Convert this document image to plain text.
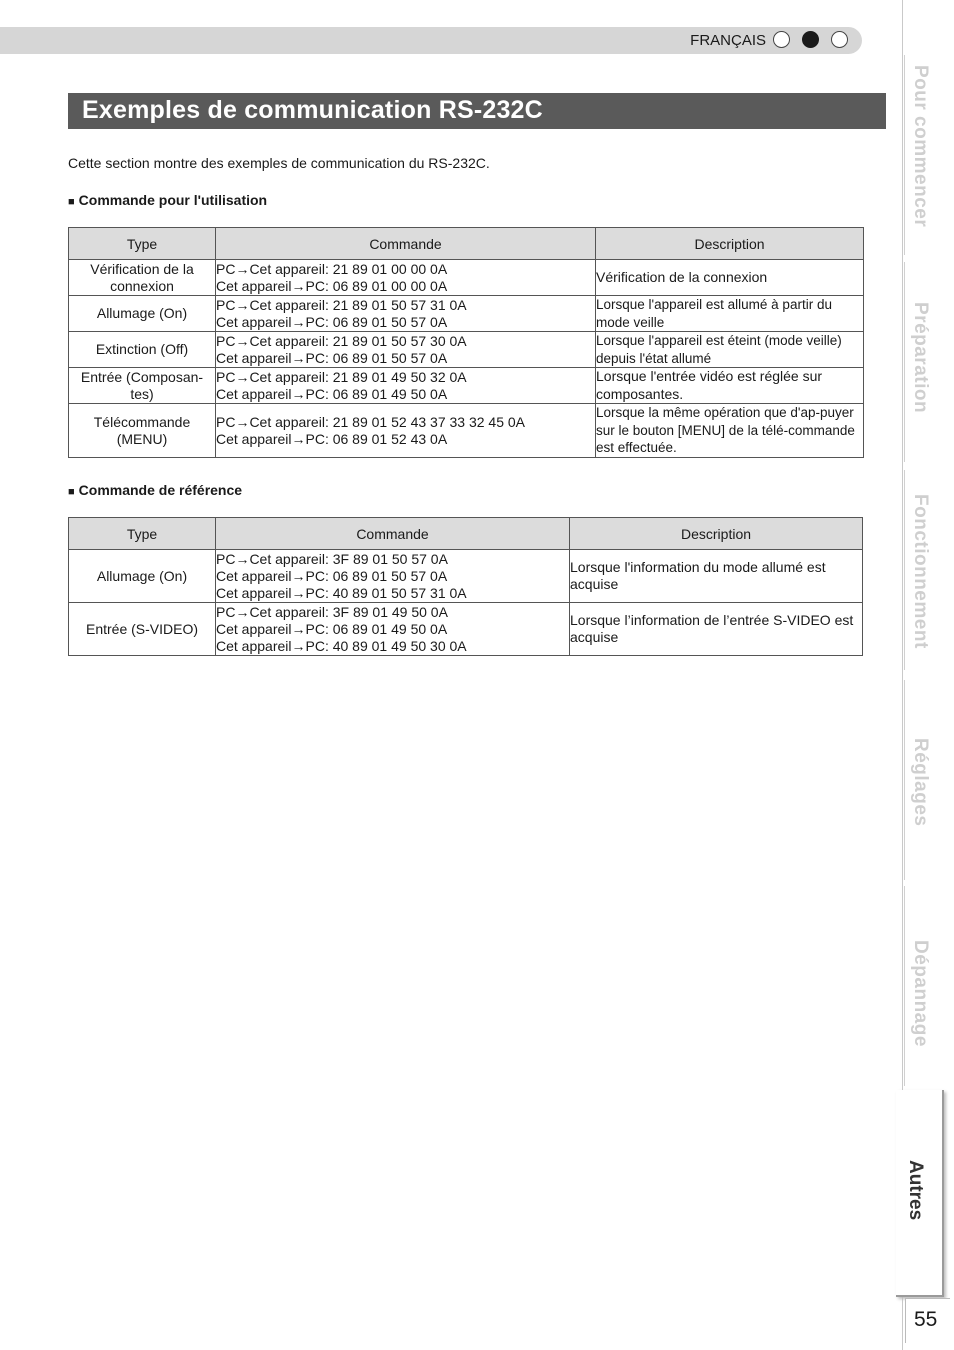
FRANÇAIS
Exemples de communication RS-232C
Cette section montre des exemples de communication du RS-232C.
■ Commande pour l'utilisation
Type	Commande	Description

Vérification de la
connexion	PC→Cet appareil: 21 89 01 00 00 0A
Cet appareil→PC: 06 89 01 00 00 0A	Vérification de la connexion

Allumage (On)	PC→Cet appareil: 21 89 01 50 57 31 0A
Cet appareil→PC: 06 89 01 50 57 0A	Lorsque l'appareil est allumé à partir du mode veille

Extinction (Off)	PC→Cet appareil: 21 89 01 50 57 30 0A
Cet appareil→PC: 06 89 01 50 57 0A	Lorsque l'appareil est éteint (mode veille) depuis l'état allumé

Entrée (Composan-
tes)	PC→Cet appareil: 21 89 01 49 50 32 0A
Cet appareil→PC: 06 89 01 49 50 0A	Lorsque l'entrée vidéo est réglée sur composantes.

Télécommande
(MENU)	PC→Cet appareil: 21 89 01 52 43 37 33 32 45 0A
Cet appareil→PC: 06 89 01 52 43 0A	Lorsque la même opération que d'ap-puyer sur le bouton [MENU] de la télé-commande est effectuée.
■ Commande de référence
Type	Commande	Description

Allumage (On)	PC→Cet appareil: 3F 89 01 50 57 0A
Cet appareil→PC: 06 89 01 50 57 0A
Cet appareil→PC: 40 89 01 50 57 31 0A	Lorsque l'information du mode allumé est acquise

Entrée (S-VIDEO)	PC→Cet appareil: 3F 89 01 49 50 0A
Cet appareil→PC: 06 89 01 49 50 0A
Cet appareil→PC: 40 89 01 49 50 30 0A	Lorsque l’information de l’entrée S-VIDEO est acquise
Pour commencer
Préparation
Fonctionnement
Réglages
Dépannage
Autres
55
